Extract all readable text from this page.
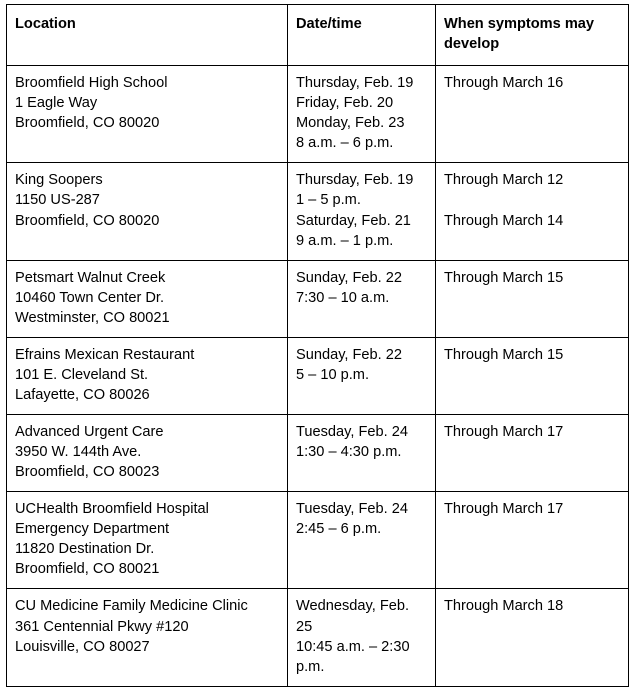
Location	Date/time	When symptoms may develop

Broomfield High School
1 Eagle Way
Broomfield, CO 80020	Thursday, Feb. 19
Friday, Feb. 20
Monday, Feb. 23
8 a.m. – 6 p.m.	Through March 16

King Soopers
1150 US-287
Broomfield, CO 80020	Thursday, Feb. 19
1 – 5 p.m.
Saturday, Feb. 21
9 a.m. – 1 p.m.	Through March 12
Through March 14

Petsmart Walnut Creek
10460 Town Center Dr.
Westminster, CO 80021	Sunday, Feb. 22
7:30 – 10 a.m.	Through March 15

Efrains Mexican Restaurant
101 E. Cleveland St.
Lafayette, CO 80026	Sunday, Feb. 22
5 – 10 p.m.	Through March 15

Advanced Urgent Care
3950 W. 144th Ave.
Broomfield, CO 80023	Tuesday, Feb. 24
1:30 – 4:30 p.m.	Through March 17

UCHealth Broomfield Hospital
Emergency Department
11820 Destination Dr.
Broomfield, CO 80021	Tuesday, Feb. 24
2:45 – 6 p.m.	Through March 17

CU Medicine Family Medicine Clinic
361 Centennial Pkwy #120
Louisville, CO 80027	Wednesday, Feb. 25
10:45 a.m. – 2:30 p.m.	Through March 18
